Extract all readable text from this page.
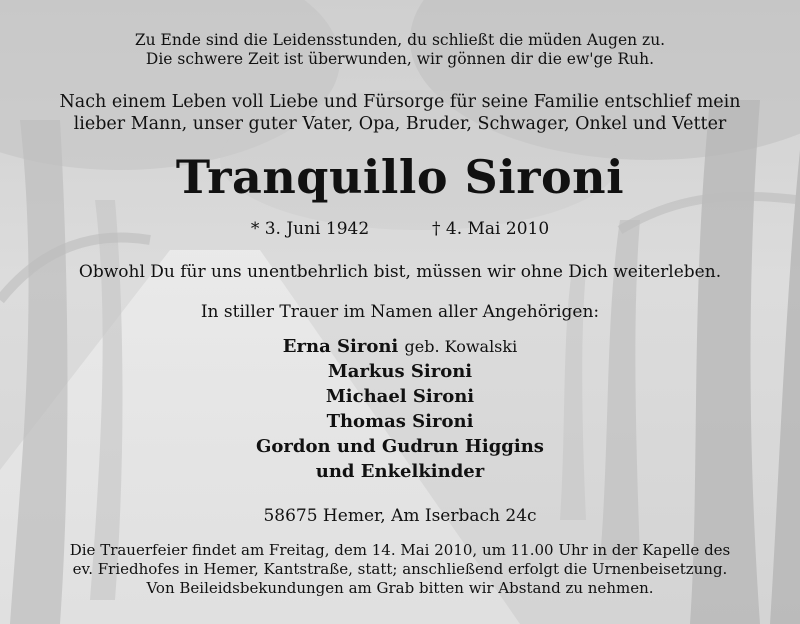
Zu Ende sind die Leidensstunden, du schließt die müden Augen zu.
Die schwere Zeit ist überwunden, wir gönnen dir die ew'ge Ruh.
Nach einem Leben voll Liebe und Fürsorge für seine Familie entschlief mein
lieber Mann, unser guter Vater, Opa, Bruder, Schwager, Onkel und Vetter
Tranquillo Sironi
* 3. Juni 1942	† 4. Mai 2010
Obwohl Du für uns unentbehrlich bist, müssen wir ohne Dich weiterleben.
In stiller Trauer im Namen aller Angehörigen:
Erna Sironi geb. Kowalski
Markus Sironi
Michael Sironi
Thomas Sironi
Gordon und Gudrun Higgins
und Enkelkinder
58675 Hemer, Am Iserbach 24c
Die Trauerfeier findet am Freitag, dem 14. Mai 2010, um 11.00 Uhr in der Kapelle des
ev. Friedhofes in Hemer, Kantstraße, statt; anschließend erfolgt die Urnenbeisetzung.
Von Beileidsbekundungen am Grab bitten wir Abstand zu nehmen.
